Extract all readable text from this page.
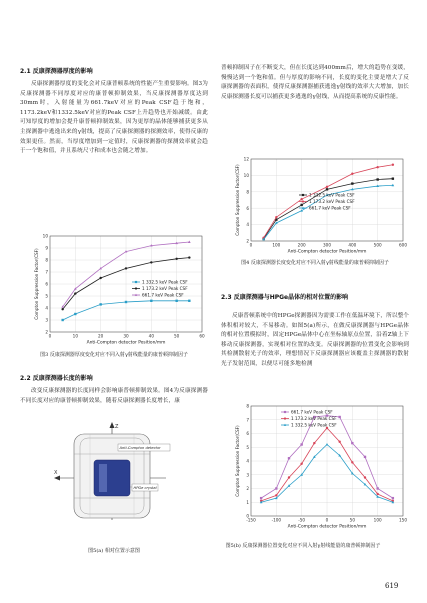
2.1 反康探测器厚度的影响
反康探测器厚度的变化会对反康普顿系统的性能产生重要影响。图3为反康探测器不同厚度对应的康普顿抑制效果，当反康探测器厚度达到30mm时，入射能量为661.7keV对应的Peak CSF趋于饱和，1173.2keV和1332.5keV对应的Peak CSF上升趋势也开始减缓。由此可知厚度的增加会提升康普顿抑制效果，因为更厚的晶体能够捕获更多从主探测器中逃逸出来的γ射线，提高了反康探测器的探测效率，使得反康的效果更佳。然而，当厚度增加到一定值时，反康探测器的探测效率就会趋于一个饱和值，并且系统尺寸和成本也会随之增加。
2
3
4
5
6
7
8
9
10
0	10	20	30	40	50	60
Anti-Compton detector Position/mm
Compton Suppression Factor(CSF)	1 332.5 keV Peak CSF
1 173.2 keV Peak CSF
661.7 keV Peak CSF
图3 反康探测器厚度变化对应不同入射γ射线能量的康普顿抑制因子
2.2 反康探测器长度的影响
改变反康探测器的长度同样会影响康普顿抑制效果。图4为反康探测器不同长度对应的康普顿抑制效果，随着反康探测器长度增长，康
Z
X
Anti-Compton detector
HPGe crystal
图5(a) 相对位置示意图
普顿抑制因子在不断变大，但在长度达到400mm后，增大的趋势在变缓，慢慢达到一个饱和值。但与厚度的影响不同，长度的变化主要是增大了反康探测器的表面积，使得反康探测器捕获逃逸γ射线的效率大大增加，加长反康探测器长度可以捕获更多逃逸的γ射线，从而提高系统的反康性能。
2
4
6
8
10
12
0	100	200	300	400	500	600
Anti-Compton detector Position/mm
Compton Suppression Factor(CSF)	1 332.5 keV Peak CSF
1 173.2 keV Peak CSF
661.7 keV Peak CSF
图4 反康探测器长度变化对应不同入射γ射线能量的康普顿抑制因子
2.3 反康探测器与HPGe晶体的相对位置的影响
反康普顿系统中的HPGe探测器因为需要工作在低温环境下，所以整个体积相对较大，不易移动。如图5(a)所示，在做反康探测器与HPGe晶体的相对位置模拟时，固定HPGe晶体中心在坐标轴原点位置，沿着Z轴上下移动反康探测器，实现相对位置的改变。反康探测器的位置变化会影响到其检测散射光子的效率，理想情况下反康探测器应该覆盖主探测器的散射光子发射范围，以便尽可能多地检测
0
1
2
3
4
5
6
7
8
-150	-100	-50	0	50	100	150
Anti-Compton detector Position/mm
Compton Suppression Factor(CSF)
661.7 keV Peak CSF
1 173.2 keV Peak CSF
1 332.5 keV Peak CSF
图5(b) 反康探测器位置变化对应不同入射γ射线能量的康普顿抑制因子
619
